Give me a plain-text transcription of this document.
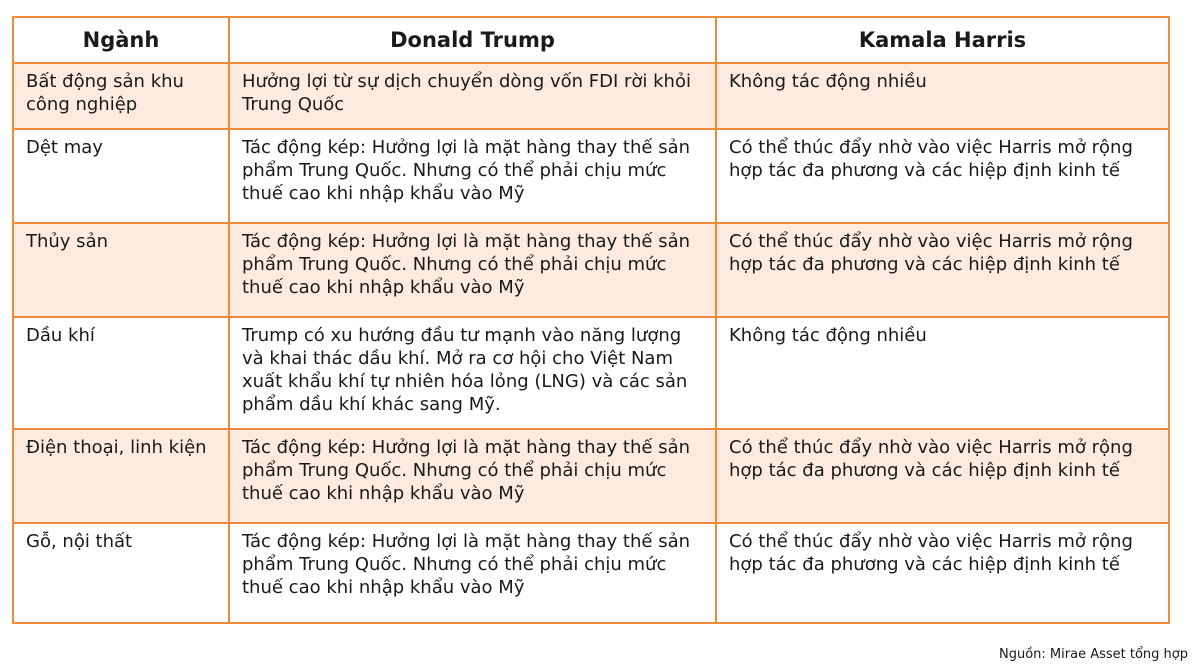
Ngành	Donald Trump	Kamala Harris
Bất động sản khu công nghiệp	Hưởng lợi từ sự dịch chuyển dòng vốn FDI rời khỏi Trung Quốc	Không tác động nhiều
Dệt may	Tác động kép: Hưởng lợi là mặt hàng thay thế sản phẩm Trung Quốc. Nhưng có thể phải chịu mức thuế cao khi nhập khẩu vào Mỹ	Có thể thúc đẩy nhờ vào việc Harris mở rộng hợp tác đa phương và các hiệp định kinh tế
Thủy sản	Tác động kép: Hưởng lợi là mặt hàng thay thế sản phẩm Trung Quốc. Nhưng có thể phải chịu mức thuế cao khi nhập khẩu vào Mỹ	Có thể thúc đẩy nhờ vào việc Harris mở rộng hợp tác đa phương và các hiệp định kinh tế
Dầu khí	Trump có xu hướng đầu tư mạnh vào năng lượng và khai thác dầu khí. Mở ra cơ hội cho Việt Nam xuất khẩu khí tự nhiên hóa lỏng (LNG) và các sản phẩm dầu khí khác sang Mỹ.	Không tác động nhiều
Điện thoại, linh kiện	Tác động kép: Hưởng lợi là mặt hàng thay thế sản phẩm Trung Quốc. Nhưng có thể phải chịu mức thuế cao khi nhập khẩu vào Mỹ	Có thể thúc đẩy nhờ vào việc Harris mở rộng hợp tác đa phương và các hiệp định kinh tế
Gỗ, nội thất	Tác động kép: Hưởng lợi là mặt hàng thay thế sản phẩm Trung Quốc. Nhưng có thể phải chịu mức thuế cao khi nhập khẩu vào Mỹ	Có thể thúc đẩy nhờ vào việc Harris mở rộng hợp tác đa phương và các hiệp định kinh tế
Nguồn: Mirae Asset tổng hợp
